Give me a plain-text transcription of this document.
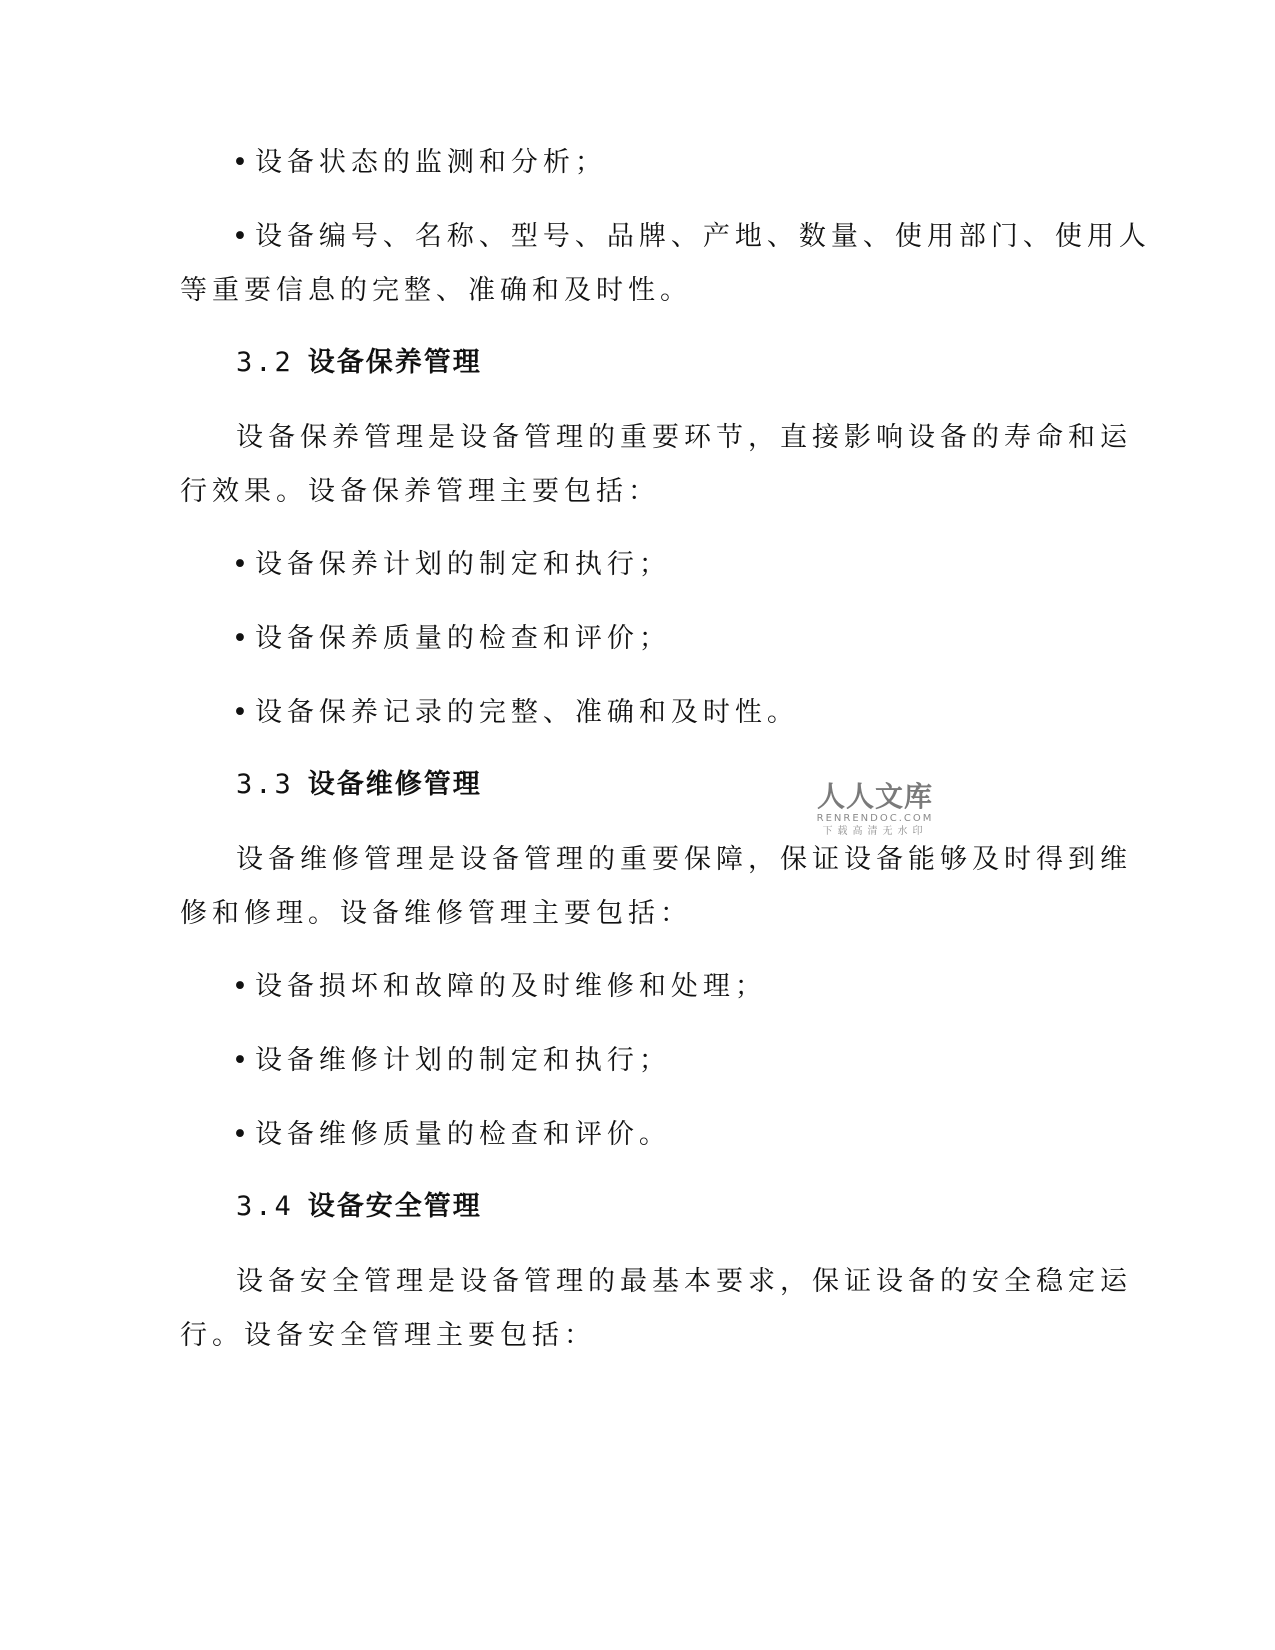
• 设备状态的监测和分析；
• 设备编号、名称、型号、品牌、产地、数量、使用部门、使用人
等重要信息的完整、准确和及时性。
3.2 设备保养管理
设备保养管理是设备管理的重要环节，直接影响设备的寿命和运
行效果。设备保养管理主要包括：
• 设备保养计划的制定和执行；
• 设备保养质量的检查和评价；
• 设备保养记录的完整、准确和及时性。
3.3 设备维修管理	人人文库
RENRENDOC.COM
下载高清无水印
设备维修管理是设备管理的重要保障，保证设备能够及时得到维
修和修理。设备维修管理主要包括：
• 设备损坏和故障的及时维修和处理；
• 设备维修计划的制定和执行；
• 设备维修质量的检查和评价。
3.4 设备安全管理
设备安全管理是设备管理的最基本要求，保证设备的安全稳定运
行。设备安全管理主要包括：
